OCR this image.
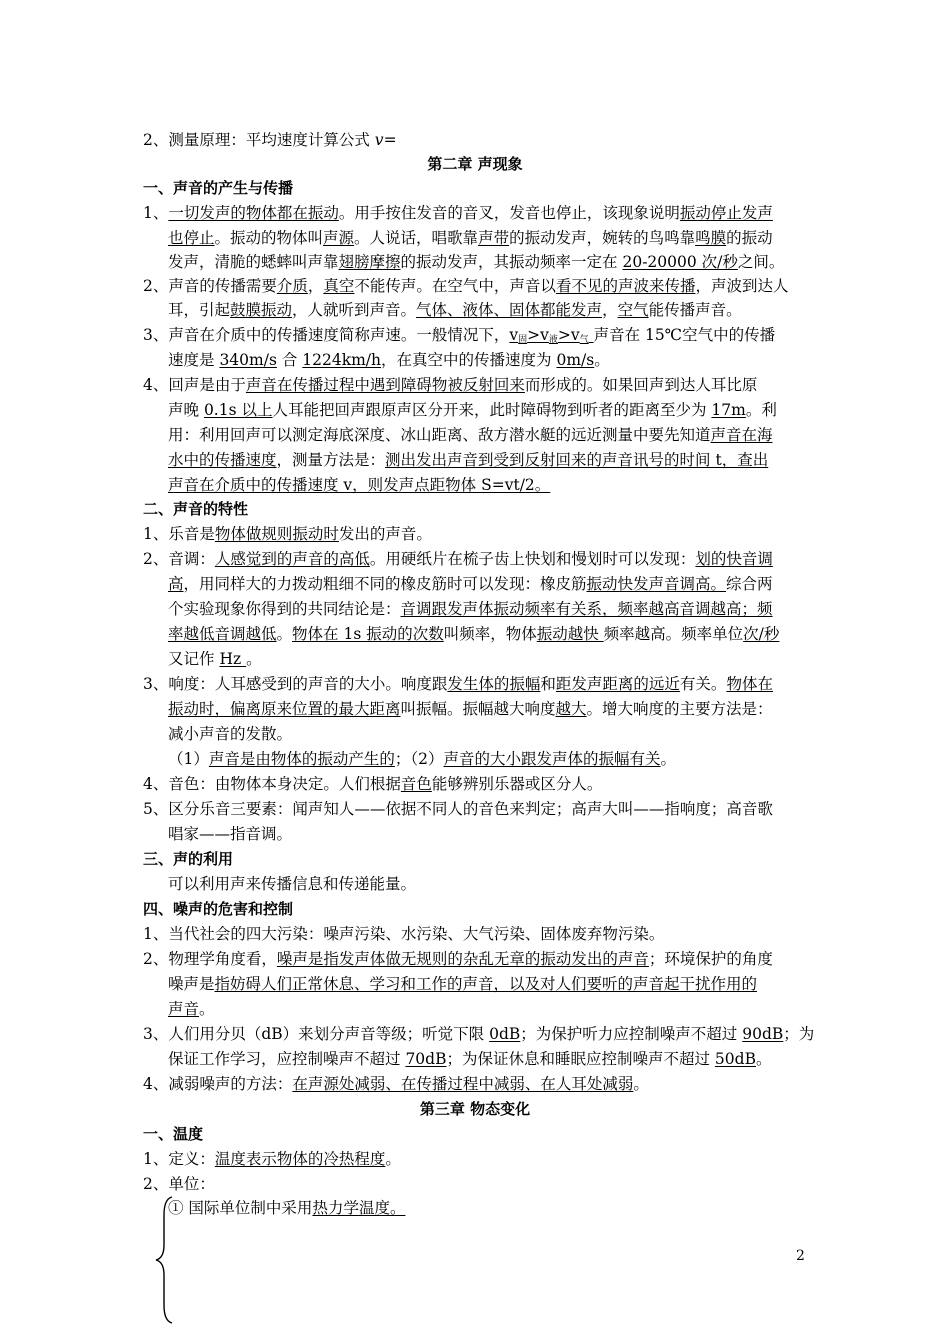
2、测量原理：平均速度计算公式 v=
第二章 声现象
一、声音的产生与传播
1、一切发声的物体都在振动。用手按住发音的音叉，发音也停止，该现象说明振动停止发声
也停止。振动的物体叫声源。人说话，唱歌靠声带的振动发声，婉转的鸟鸣靠鸣膜的振动
发声，清脆的蟋蟀叫声靠翅膀摩擦的振动发声，其振动频率一定在 20-20000 次/秒之间。
2、声音的传播需要介质，真空不能传声。在空气中，声音以看不见的声波来传播，声波到达人
耳，引起鼓膜振动，人就听到声音。气体、液体、固体都能发声，空气能传播声音。
3、声音在介质中的传播速度简称声速。一般情况下，$v_固>v_液>v_气$ 声音在 15℃空气中的传播
速度是 340m/s 合 1224km/h，在真空中的传播速度为 0m/s。
4、回声是由于声音在传播过程中遇到障碍物被反射回来而形成的。如果回声到达人耳比原
声晚 0.1s 以上人耳能把回声跟原声区分开来，此时障碍物到听者的距离至少为 17m。利
用：利用回声可以测定海底深度、冰山距离、敌方潜水艇的远近测量中要先知道声音在海
水中的传播速度，测量方法是：测出发出声音到受到反射回来的声音讯号的时间 t，查出
声音在介质中的传播速度 v，则发声点距物体 S=vt/2。
二、声音的特性
1、乐音是物体做规则振动时发出的声音。
2、音调：人感觉到的声音的高低。用硬纸片在梳子齿上快划和慢划时可以发现：划的快音调
高，用同样大的力拨动粗细不同的橡皮筋时可以发现：橡皮筋振动快发声音调高。综合两
个实验现象你得到的共同结论是：音调跟发声体振动频率有关系，频率越高音调越高；频
率越低音调越低。物体在 1s 振动的次数叫频率，物体振动越快 频率越高。频率单位次/秒
又记作 Hz 。
3、响度：人耳感受到的声音的大小。响度跟发生体的振幅和距发声距离的远近有关。物体在
振动时，偏离原来位置的最大距离叫振幅。振幅越大响度越大。增大响度的主要方法是：
减小声音的发散。
（1）声音是由物体的振动产生的；（2）声音的大小跟发声体的振幅有关。
4、音色：由物体本身决定。人们根据音色能够辨别乐器或区分人。
5、区分乐音三要素：闻声知人——依据不同人的音色来判定；高声大叫——指响度；高音歌
唱家——指音调。
三、声的利用
可以利用声来传播信息和传递能量。
四、噪声的危害和控制
1、当代社会的四大污染：噪声污染、水污染、大气污染、固体废弃物污染。
2、物理学角度看，噪声是指发声体做无规则的杂乱无章的振动发出的声音；环境保护的角度
噪声是指妨碍人们正常休息、学习和工作的声音，以及对人们要听的声音起干扰作用的
声音。
3、人们用分贝（dB）来划分声音等级；听觉下限 0dB；为保护听力应控制噪声不超过 90dB；为
保证工作学习，应控制噪声不超过 70dB；为保证休息和睡眠应控制噪声不超过 50dB。
4、减弱噪声的方法：在声源处减弱、在传播过程中减弱、在人耳处减弱。
第三章 物态变化
一、温度
1、定义：温度表示物体的冷热程度。
2、单位：
① 国际单位制中采用热力学温度。
2
